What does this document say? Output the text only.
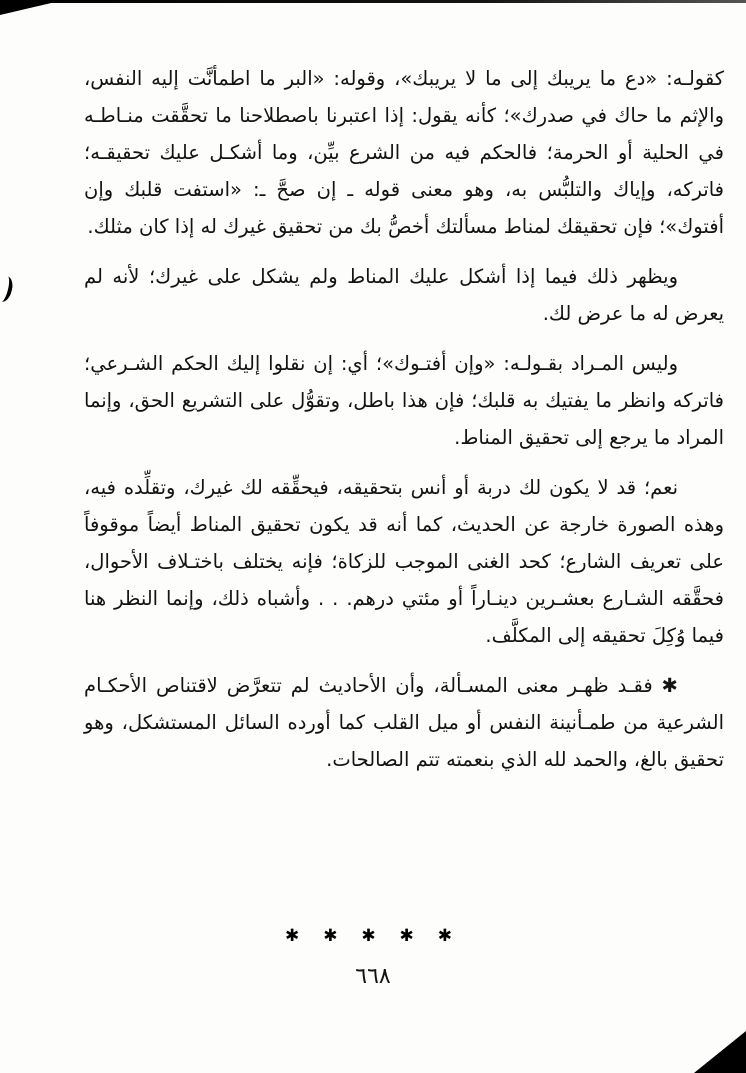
كقولـه: «دع ما يريبك إلى ما لا يريبك»، وقوله: «البر ما اطمأنَّت إليه النفس، والإثم ما حاك في صدرك»؛ كأنه يقول: إذا اعتبرنا باصطلاحنا ما تحقَّقت منـاطـه في الحلية أو الحرمة؛ فالحكم فيه من الشرع بيِّن، وما أشكـل عليك تحقيقـه؛ فاتركه، وإياك والتلبُّس به، وهو معنى قوله ـ إن صحَّ ـ: «استفت قلبك وإن أفتوك»؛ فإن تحقيقك لمناط مسألتك أخصُّ بك من تحقيق غيرك له إذا كان مثلك.

ويظهر ذلك فيما إذا أشكل عليك المناط ولم يشكل على غيرك؛ لأنه لم يعرض له ما عرض لك.

وليس المـراد بقـولـه: «وإن أفتـوك»؛ أي: إن نقلوا إليك الحكم الشـرعي؛ فاتركه وانظر ما يفتيك به قلبك؛ فإن هذا باطل، وتقوُّل على التشريع الحق، وإنما المراد ما يرجع إلى تحقيق المناط.

نعم؛ قد لا يكون لك دربة أو أنس بتحقيقه، فيحقِّقه لك غيرك، وتقلِّده فيه، وهذه الصورة خارجة عن الحديث، كما أنه قد يكون تحقيق المناط أيضاً موقوفاً على تعريف الشارع؛ كحد الغنى الموجب للزكاة؛ فإنه يختلف باختـلاف الأحوال، فحقَّقه الشـارع بعشـرين دينـاراً أو مئتي درهم. . . وأشباه ذلك، وإنما النظر هنا فيما وُكِلَ تحقيقه إلى المكلَّف.

✱ فقـد ظهـر معنى المسـألة، وأن الأحاديث لم تتعرَّض لاقتناص الأحكـام الشرعية من طمـأنينة النفس أو ميل القلب كما أورده السائل المستشكل، وهو تحقيق بالغ، والحمد لله الذي بنعمته تتم الصالحات.

✱ ✱ ✱ ✱ ✱
٦٦٨
